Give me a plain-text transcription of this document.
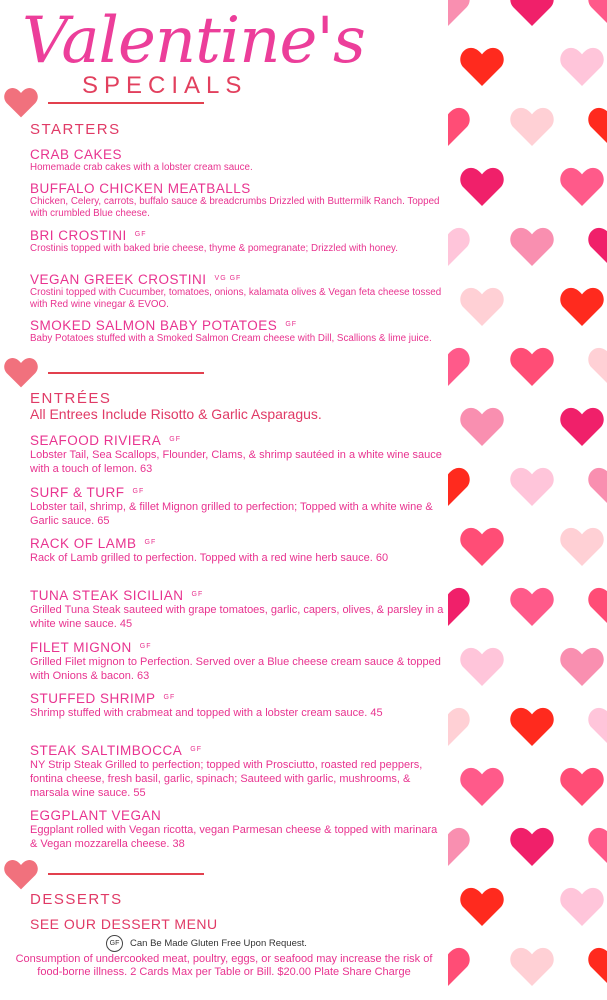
Valentine's
SPECIALS
STARTERS
CRAB CAKES
Homemade crab cakes with a lobster cream sauce.
BUFFALO CHICKEN MEATBALLS
Chicken, Celery, carrots, buffalo sauce & breadcrumbs Drizzled with Buttermilk Ranch. Topped with crumbled Blue cheese.
BRI CROSTINI $^{GF}$
Crostinis topped with baked brie cheese, thyme & pomegranate; Drizzled with honey.
VEGAN GREEK CROSTINI $^{VG GF}$
Crostini topped with Cucumber, tomatoes, onions, kalamata olives & Vegan feta cheese tossed with Red wine vinegar & EVOO.
SMOKED SALMON BABY POTATOES $^{GF}$
Baby Potatoes stuffed with a Smoked Salmon Cream cheese with Dill, Scallions & lime juice.
ENTRÉES
All Entrees Include Risotto & Garlic Asparagus.
SEAFOOD RIVIERA $^{GF}$
Lobster Tail, Sea Scallops, Flounder, Clams, & shrimp sautéed in a white wine sauce with a touch of lemon. 63
SURF & TURF $^{GF}$
Lobster tail, shrimp, & fillet Mignon grilled to perfection; Topped with a white wine & Garlic sauce. 65
RACK OF LAMB $^{GF}$
Rack of Lamb grilled to perfection. Topped with a red wine herb sauce. 60
TUNA STEAK SICILIAN $^{GF}$
Grilled Tuna Steak sauteed with grape tomatoes, garlic, capers, olives, & parsley in a white wine sauce. 45
FILET MIGNON $^{GF}$
Grilled Filet mignon to Perfection. Served over a Blue cheese cream sauce & topped with Onions & bacon. 63
STUFFED SHRIMP $^{GF}$
Shrimp stuffed with crabmeat and topped with a lobster cream sauce. 45
STEAK SALTIMBOCCA $^{GF}$
NY Strip Steak Grilled to perfection; topped with Prosciutto, roasted red peppers, fontina cheese, fresh basil, garlic, spinach; Sauteed with garlic, mushrooms, & marsala wine sauce. 55
EGGPLANT VEGAN
Eggplant rolled with Vegan ricotta, vegan Parmesan cheese & topped with marinara & Vegan mozzarella cheese. 38
DESSERTS
SEE OUR DESSERT MENU
GF	Can Be Made Gluten Free Upon Request.
Consumption of undercooked meat, poultry, eggs, or seafood may increase the risk of food-borne illness. 2 Cards Max per Table or Bill. $20.00 Plate Share Charge
